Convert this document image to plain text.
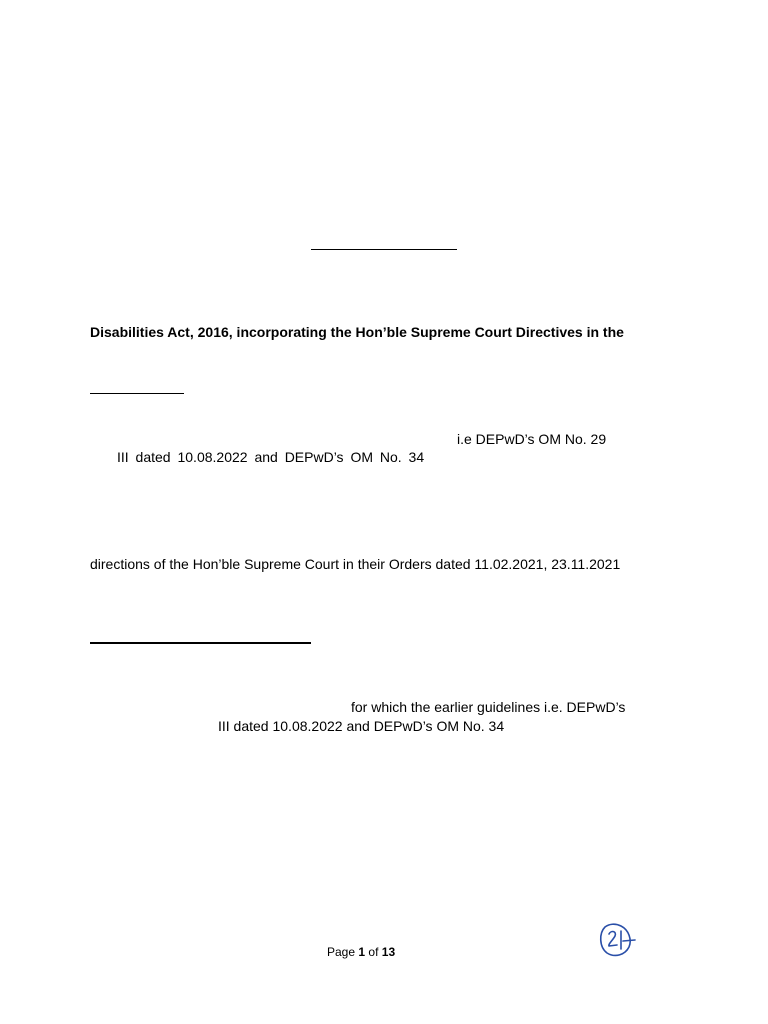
Disabilities Act, 2016, incorporating the Hon’ble Supreme Court Directives in the
i.e DEPwD’s OM No. 29
III dated 10.08.2022 and DEPwD’s OM No. 34
directions of the Hon’ble Supreme Court in their Orders dated 11.02.2021, 23.11.2021
for which the earlier guidelines i.e. DEPwD’s
III dated 10.08.2022 and DEPwD’s OM No. 34
Page 1 of 13
